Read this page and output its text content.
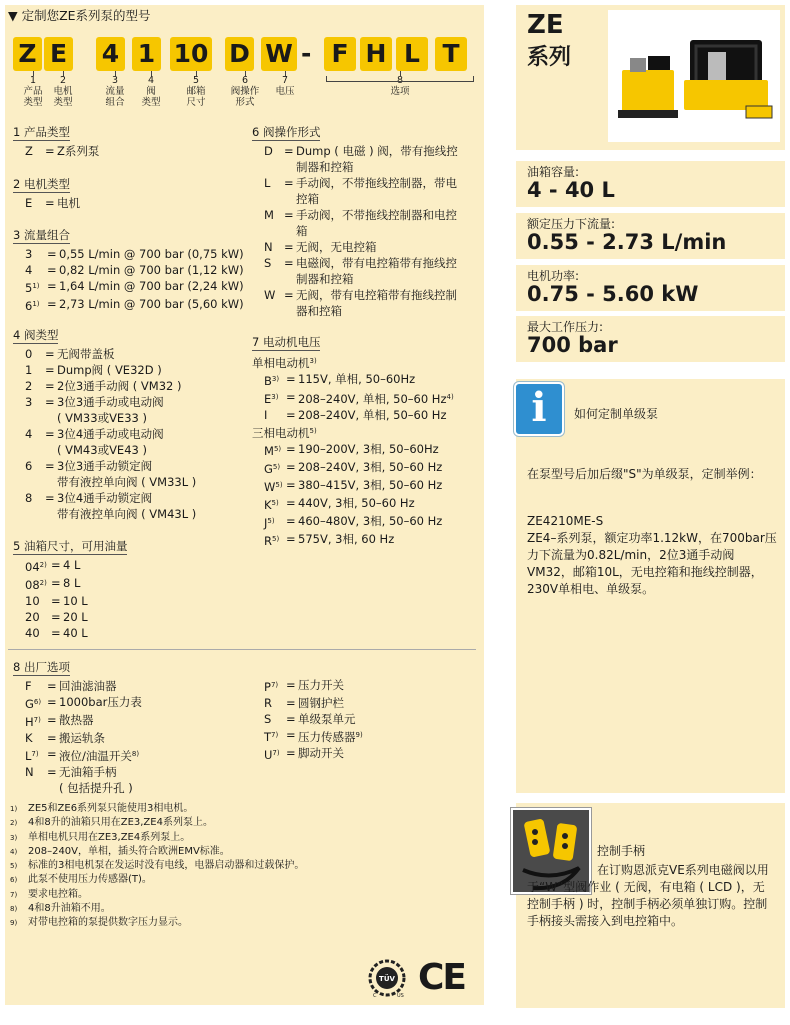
▼ 定制您ZE系列泵的型号
Z E 4 1 10 D W F H L T
-
1
产品
类型
2
电机
类型
3
流量
组合
4
阀
类型
5
邮箱
尺寸
6
阀操作
形式
7
电压
8
选项
1 产品类型
Z	= Z系列泵
2 电机类型
E	= 电机
3 流量组合
3	= 0,55 L/min @ 700 bar (0,75 kW)
4	= 0,82 L/min @ 700 bar (1,12 kW)
$5^{1)} = 1,64$ L/min @ 700 bar (2,24 kW)
$6^{1)} = 2,73$ L/min @ 700 bar (5,60 kW)
4 阀类型
0	= 无阀带盖板
1	= Dump阀 ( VE32D )
2	= 2位3通手动阀 ( VM32 )
3	= 3位3通手动或电动阀
( VM33或VE33 )
4	= 3位4通手动或电动阀
( VM43或VE43 )
6	= 3位3通手动锁定阀
带有液控单向阀 ( VM33L )
8	= 3位4通手动锁定阀
带有液控单向阀 ( VM43L )
5 油箱尺寸，可用油量
$04^{2)} = 4$ L
$08^{2)} = 8$ L
10 = 10 L
20 = 20 L
40 = 40 L
6 阀操作形式
D = Dump ( 电磁 ) 阀，带有拖线控
制器和控箱
L	= 手动阀，不带拖线控制器，带电
控箱
M = 手动阀，不带拖线控制器和电控
箱
N = 无阀，无电控箱
S	= 电磁阀，带有电控箱带有拖线控
制器和控箱
W = 无阀，带有电控箱带有拖线控制
器和控箱
7 电动机电压
单相电动机$^{3)}$
$B^{3)} = 115V$, 单相, 50–60Hz
$E^{3)} = 208-240V$, 单相, 50–60 Hz$^{4)}$
I	= 208–240V, 单相, 50–60 Hz
三相电动机$^{5)}$
$M^{5)} = 190-200V$, 3相, 50–60Hz
$G^{5)} = 208-240V$, 3相, 50–60 Hz
$W^{5)} = 380-415V$, 3相, 50–60 Hz
$K^{5)} = 440V$, 3相, 50–60 Hz
$J^{5)} = 460-480V$, 3相, 50–60 Hz
$R^{5)} = 575V$, 3相, 60 Hz
8 出厂选项
F	= 回油滤油器
$G^{6)} = 1000bar$压力表
$H^{7)}$ = 散热器
K	= 搬运轨条
$L^{7)}$ = 液位/油温开关$^{8)}$
N	= 无油箱手柄
( 包括提升孔 )
$P^{7)}$ = 压力开关
R	= 圆钢护栏
S	= 单级泵单元
$T^{7)}$ = 压力传感器$^{9)}$
$U^{7)}$ = 脚动开关
1)	ZE5和ZE6系列泵只能使用3相电机。
2)	4和8升的油箱只用在ZE3,ZE4系列泵上。
3)	单相电机只用在ZE3,ZE4系列泵上。
4)	208–240V，单相，插头符合欧洲EMV标准。
5)	标准的3相电机泵在发运时没有电线，电器启动器和过载保护。
6)	此泵不使用压力传感器(T)。
7)	要求电控箱。
8)	4和8升油箱不用。
9)	对带电控箱的泵提供数字压力显示。
TÜV
C	US CE
ZE
系列
油箱容量:
4 - 40 L
额定压力下流量:
0.55 - 2.73 L/min
电机功率:
0.75 - 5.60 kW
最大工作压力:
700 bar
i	如何定制单级泵
在泵型号后加后缀"S"为单级泵，定制举例：
ZE4210ME-S
ZE4–系列泵，额定功率1.12kW，在700bar压力下流量为0.82L/min，2位3通手动阀VM32，邮箱10L，无电控箱和拖线控制器，230V单相电、单级泵。
控制手柄
在订购恩派克VE系列电磁阀以用于“W”型阀作业 ( 无阀，有电箱 ( LCD )，无控制手柄 ) 时，控制手柄必须单独订购。控制手柄接头需接入到电控箱中。
